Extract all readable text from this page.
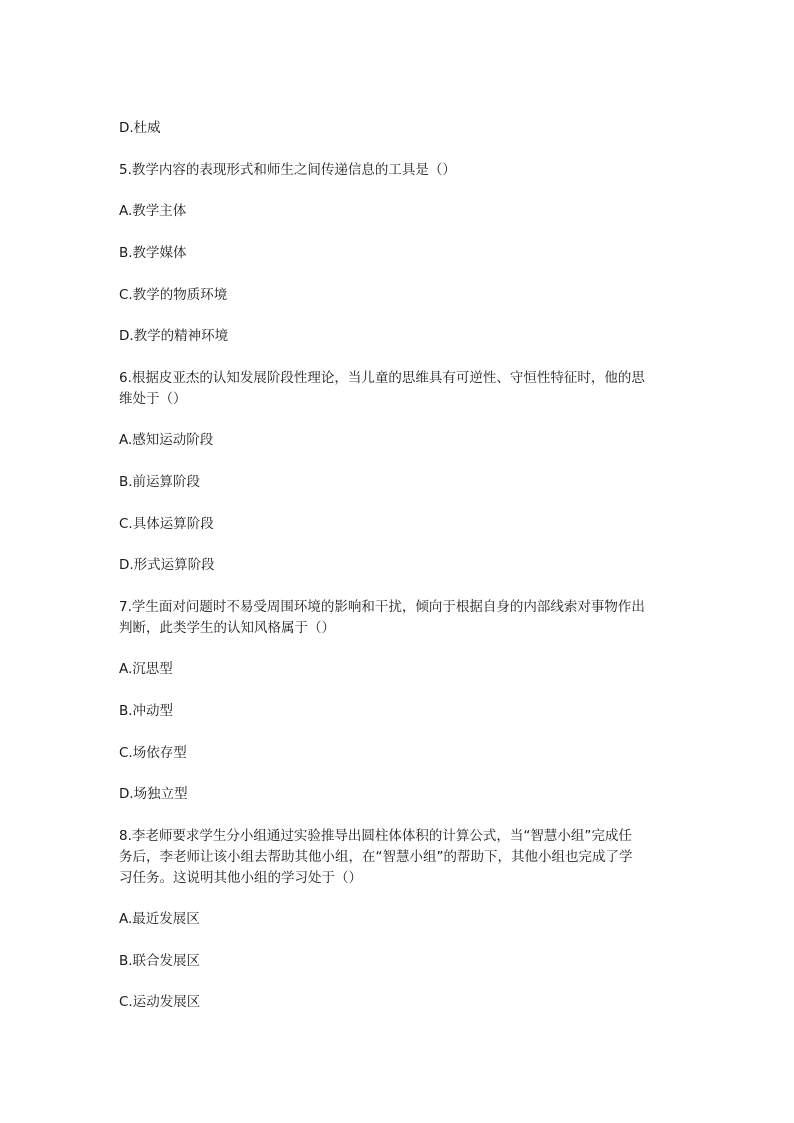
D.杜威
5.教学内容的表现形式和师生之间传递信息的工具是（）
A.教学主体
B.教学媒体
C.教学的物质环境
D.教学的精神环境
6.根据皮亚杰的认知发展阶段性理论，当儿童的思维具有可逆性、守恒性特征时，他的思
维处于（）
A.感知运动阶段
B.前运算阶段
C.具体运算阶段
D.形式运算阶段
7.学生面对问题时不易受周围环境的影响和干扰，倾向于根据自身的内部线索对事物作出
判断，此类学生的认知风格属于（）
A.沉思型
B.冲动型
C.场依存型
D.场独立型
8.李老师要求学生分小组通过实验推导出圆柱体体积的计算公式，当“智慧小组”完成任
务后，李老师让该小组去帮助其他小组，在“智慧小组”的帮助下，其他小组也完成了学
习任务。这说明其他小组的学习处于（）
A.最近发展区
B.联合发展区
C.运动发展区
